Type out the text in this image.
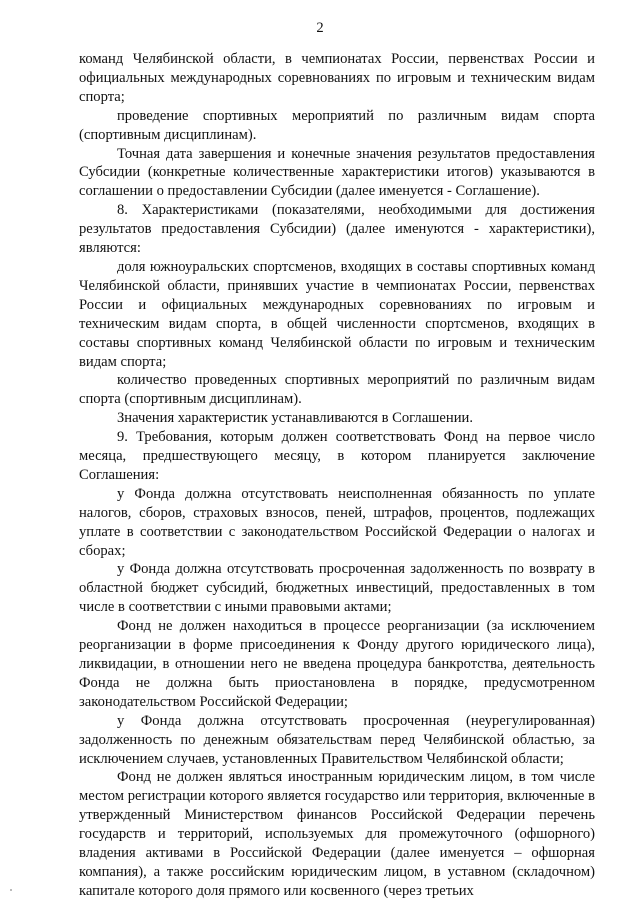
2

команд Челябинской области, в чемпионатах России, первенствах России и официальных международных соревнованиях по игровым и техническим видам спорта;

проведение спортивных мероприятий по различным видам спорта (спортивным дисциплинам).

Точная дата завершения и конечные значения результатов предоставления Субсидии (конкретные количественные характеристики итогов) указываются в соглашении о предоставлении Субсидии (далее именуется - Соглашение).

8. Характеристиками (показателями, необходимыми для достижения результатов предоставления Субсидии) (далее именуются - характеристики), являются:

доля южноуральских спортсменов, входящих в составы спортивных команд Челябинской области, принявших участие в чемпионатах России, первенствах России и официальных международных соревнованиях по игровым и техническим видам спорта, в общей численности спортсменов, входящих в составы спортивных команд Челябинской области по игровым и техническим видам спорта;

количество проведенных спортивных мероприятий по различным видам спорта (спортивным дисциплинам).

Значения характеристик устанавливаются в Соглашении.

9. Требования, которым должен соответствовать Фонд на первое число месяца, предшествующего месяцу, в котором планируется заключение Соглашения:

у Фонда должна отсутствовать неисполненная обязанность по уплате налогов, сборов, страховых взносов, пеней, штрафов, процентов, подлежащих уплате в соответствии с законодательством Российской Федерации о налогах и сборах;

у Фонда должна отсутствовать просроченная задолженность по возврату в областной бюджет субсидий, бюджетных инвестиций, предоставленных в том числе в соответствии с иными правовыми актами;

Фонд не должен находиться в процессе реорганизации (за исключением реорганизации в форме присоединения к Фонду другого юридического лица), ликвидации, в отношении него не введена процедура банкротства, деятельность Фонда не должна быть приостановлена в порядке, предусмотренном законодательством Российской Федерации;

у Фонда должна отсутствовать просроченная (неурегулированная) задолженность по денежным обязательствам перед Челябинской областью, за исключением случаев, установленных Правительством Челябинской области;

Фонд не должен являться иностранным юридическим лицом, в том числе местом регистрации которого является государство или территория, включенные в утвержденный Министерством финансов Российской Федерации перечень государств и территорий, используемых для промежуточного (офшорного) владения активами в Российской Федерации (далее именуется – офшорная компания), а также российским юридическим лицом, в уставном (складочном) капитале которого доля прямого или косвенного (через третьих
